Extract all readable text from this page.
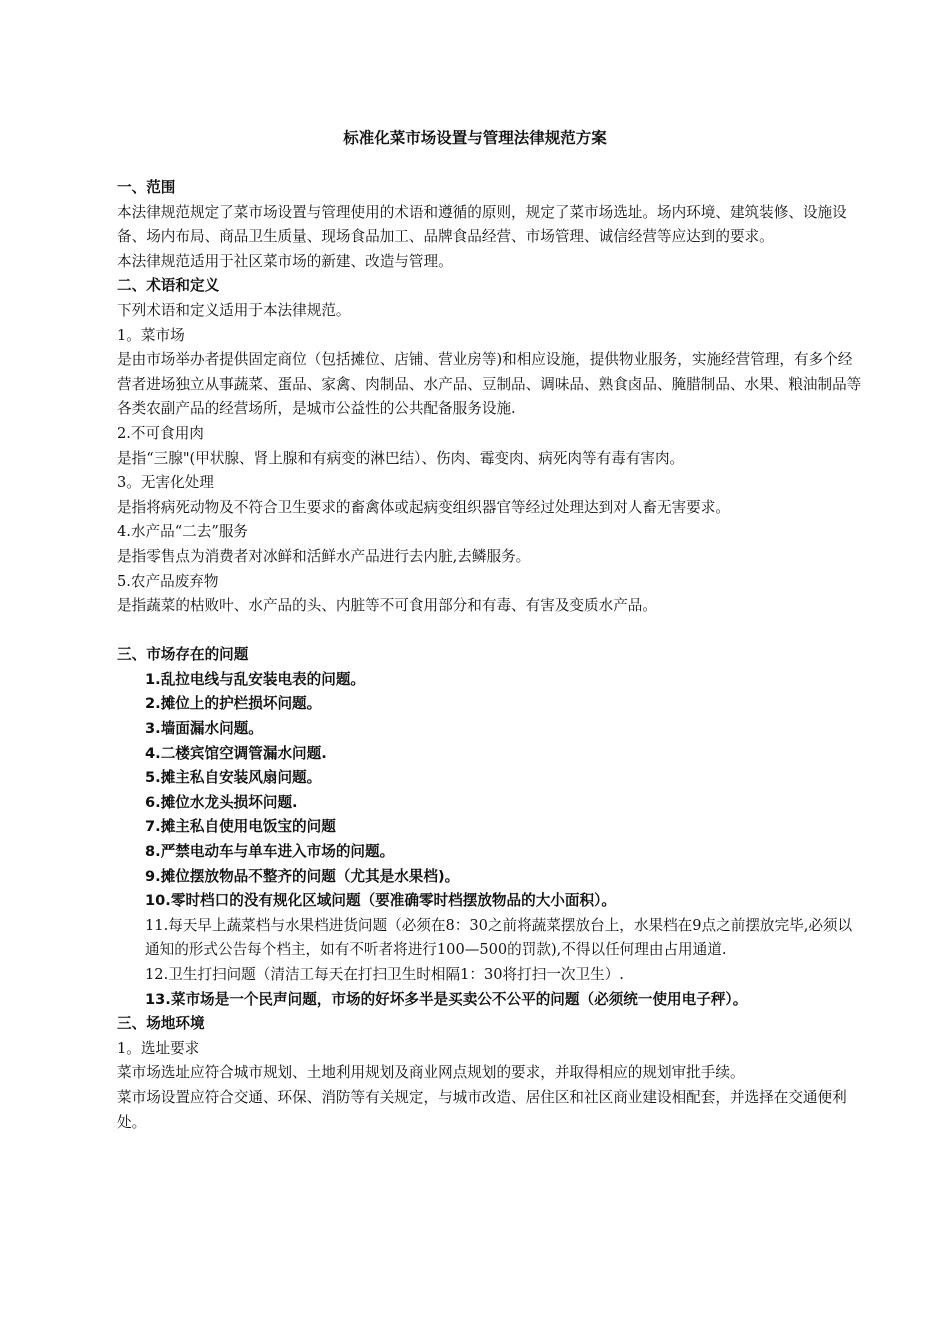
标准化菜市场设置与管理法律规范方案

一、范围

本法律规范规定了菜市场设置与管理使用的术语和遵循的原则，规定了菜市场选址。场内环境、建筑装修、设施设备、场内布局、商品卫生质量、现场食品加工、品牌食品经营、市场管理、诚信经营等应达到的要求。

本法律规范适用于社区菜市场的新建、改造与管理。

二、术语和定义

下列术语和定义适用于本法律规范。

1。菜市场

是由市场举办者提供固定商位（包括摊位、店铺、营业房等)和相应设施，提供物业服务，实施经营管理，有多个经营者进场独立从事蔬菜、蛋品、家禽、肉制品、水产品、豆制品、调味品、熟食卤品、腌腊制品、水果、粮油制品等各类农副产品的经营场所，是城市公益性的公共配备服务设施.

2.不可食用肉

是指“三腺"(甲状腺、肾上腺和有病变的淋巴结）、伤肉、霉变肉、病死肉等有毒有害肉。

3。无害化处理

是指将病死动物及不符合卫生要求的畜禽体或起病变组织器官等经过处理达到对人畜无害要求。

4.水产品“二去”服务

是指零售点为消费者对冰鲜和活鲜水产品进行去内脏,去鳞服务。

5.农产品废弃物

是指蔬菜的枯败叶、水产品的头、内脏等不可食用部分和有毒、有害及变质水产品。

三、市场存在的问题

1.乱拉电线与乱安装电表的问题。

2.摊位上的护栏损坏问题。

3.墙面漏水问题。

4.二楼宾馆空调管漏水问题.

5.摊主私自安装风扇问题。

6.摊位水龙头损坏问题.

7.摊主私自使用电饭宝的问题

8.严禁电动车与单车进入市场的问题。

9.摊位摆放物品不整齐的问题（尤其是水果档)。

10.零时档口的没有规化区域问题（要准确零时档摆放物品的大小面积）。

11.每天早上蔬菜档与水果档进货问题（必须在8：30之前将蔬菜摆放台上，水果档在9点之前摆放完毕,必须以通知的形式公告每个档主，如有不听者将进行100—500的罚款),不得以任何理由占用通道.

12.卫生打扫问题（清洁工每天在打扫卫生时相隔1：30将打扫一次卫生）.

13.菜市场是一个民声问题，市场的好坏多半是买卖公不公平的问题（必须统一使用电子秤）。

三、场地环境

1。选址要求

菜市场选址应符合城市规划、土地利用规划及商业网点规划的要求，并取得相应的规划审批手续。

菜市场设置应符合交通、环保、消防等有关规定，与城市改造、居住区和社区商业建设相配套，并选择在交通便利处。
